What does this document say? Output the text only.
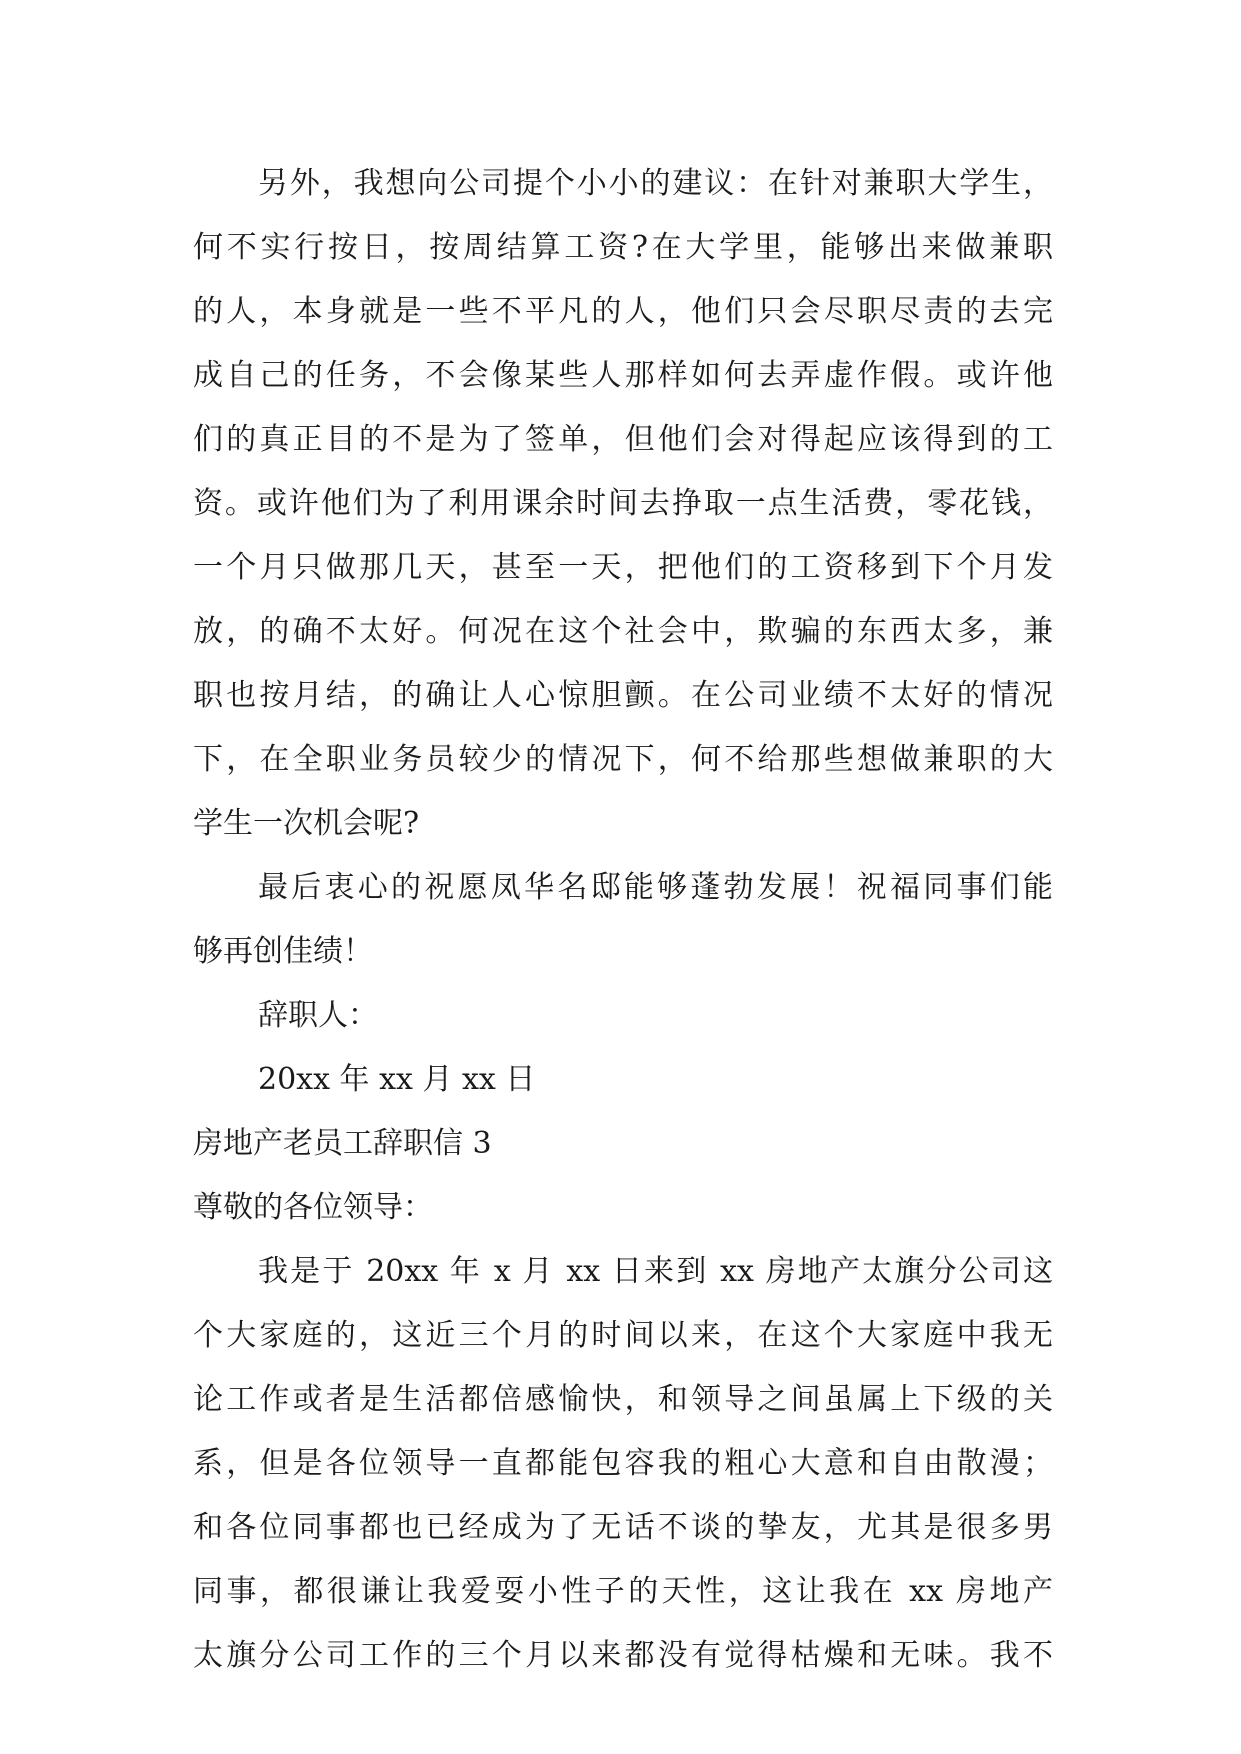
另外，我想向公司提个小小的建议：在针对兼职大学生，
何不实行按日，按周结算工资?在大学里，能够出来做兼职
的人，本身就是一些不平凡的人，他们只会尽职尽责的去完
成自己的任务，不会像某些人那样如何去弄虚作假。或许他
们的真正目的不是为了签单，但他们会对得起应该得到的工
资。或许他们为了利用课余时间去挣取一点生活费，零花钱，
一个月只做那几天，甚至一天，把他们的工资移到下个月发
放，的确不太好。何况在这个社会中，欺骗的东西太多，兼
职也按月结，的确让人心惊胆颤。在公司业绩不太好的情况
下，在全职业务员较少的情况下，何不给那些想做兼职的大
学生一次机会呢?
最后衷心的祝愿凤华名邸能够蓬勃发展！祝福同事们能
够再创佳绩！
辞职人：
20xx 年 xx 月 xx 日
房地产老员工辞职信 3
尊敬的各位领导：
我是于 20xx 年 x 月 xx 日来到 xx 房地产太旗分公司这
个大家庭的，这近三个月的时间以来，在这个大家庭中我无
论工作或者是生活都倍感愉快，和领导之间虽属上下级的关
系，但是各位领导一直都能包容我的粗心大意和自由散漫；
和各位同事都也已经成为了无话不谈的挚友，尤其是很多男
同事，都很谦让我爱耍小性子的天性，这让我在 xx 房地产
太旗分公司工作的三个月以来都没有觉得枯燥和无味。我不
